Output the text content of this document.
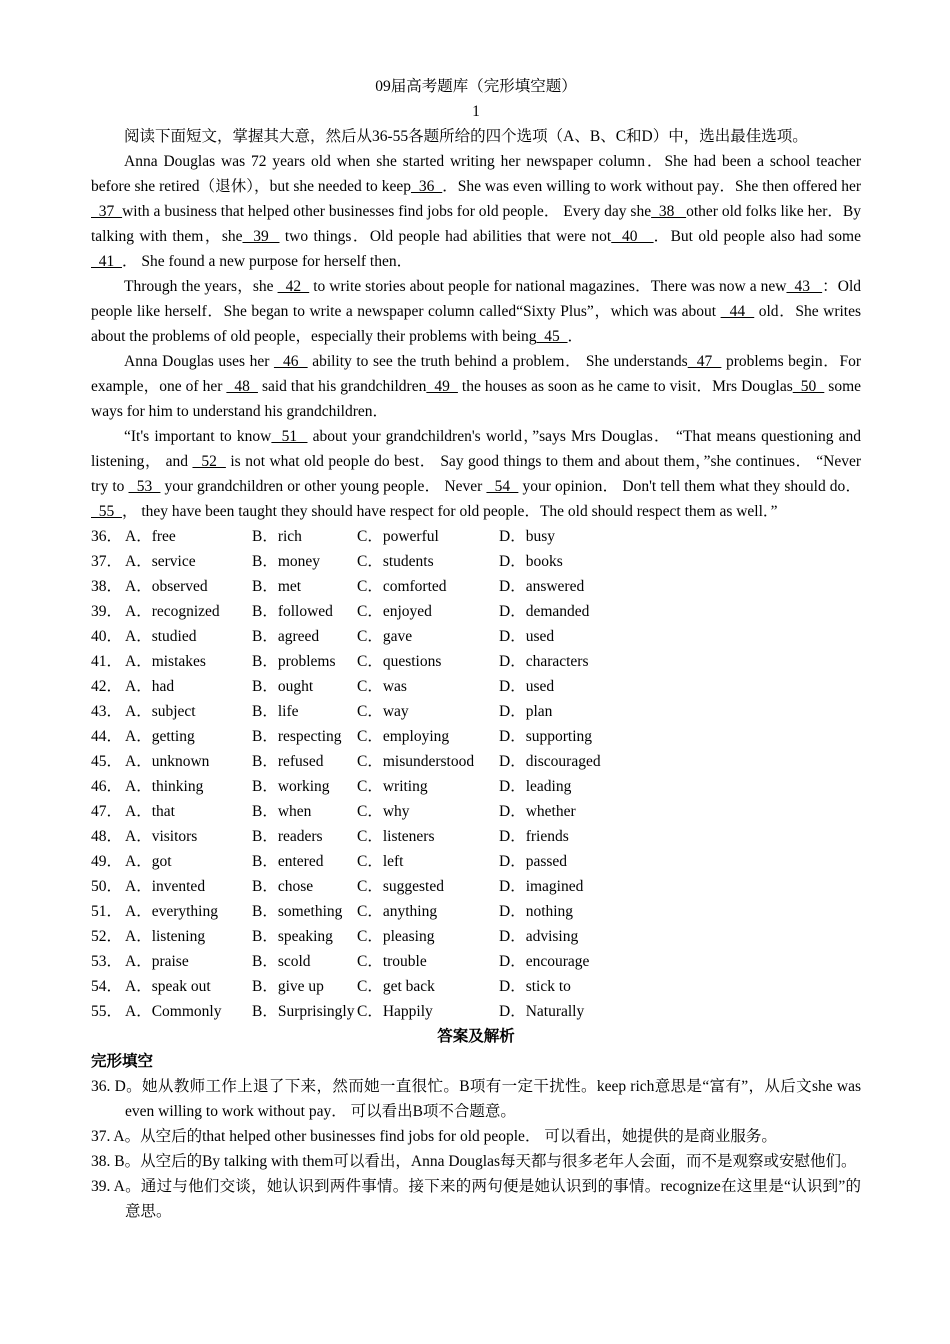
09届高考题库（完形填空题）
1

阅读下面短文，掌握其大意，然后从36-55各题所给的四个选项（A、B、C和D）中，选出最佳选项。

Anna Douglas was 72 years old when she started writing her newspaper column．She had been a school teacher before she retired（退休），but she needed to keep  36  ．She was even willing to work without pay．She then offered her  37  with a business that helped other businesses find jobs for old people． Every day she  38   other old folks like her．By talking with them，she  39   two things．Old people had abilities that were not  40   ．But old people also had some   41  ． She found a new purpose for herself then．

Through the years，she   42   to write stories about people for national magazines．There was now a new  43   ：Old people like herself．She began to write a newspaper column called“Sixty Plus”，which was about   44   old．She writes about the problems of old people，especially their problems with being  45  ．

Anna Douglas uses her   46   ability to see the truth behind a problem． She understands  47   problems begin．For example，one of her   48   said that his grandchildren  49   the houses as soon as he came to visit．Mrs Douglas  50   some ways for him to understand his grandchildren．

“It's important to know  51   about your grandchildren's world，”says Mrs Douglas． “That means questioning and listening， and   52   is not what old people do best． Say good things to them and about them，”she continues． “Never try to   53   your grandchildren or other young people． Never   54   your opinion． Don't tell them what they should do．   55  ， they have been taught they should have respect for old people．The old should respect them as well．”

36． A．free	B．rich	C．powerful	D．busy
37． A．service	B．money	C．students	D．books
38． A．observed	B．met	C．comforted	D．answered
39． A．recognized	B．followed	C．enjoyed	D．demanded
40． A．studied	B．agreed	C．gave	D．used
41． A．mistakes	B．problems	C．questions	D．characters
42． A．had	B．ought	C．was	D．used
43． A．subject	B．life	C．way	D．plan
44． A．getting	B．respecting C．employing	D．supporting
45． A．unknown	B．refused	C．misunderstood	D．discouraged
46． A．thinking	B．working	C．writing	D．leading
47． A．that	B．when	C．why	D．whether
48． A．visitors	B．readers	C．listeners	D．friends
49． A．got	B．entered	C．left	D．passed
50． A．invented	B．chose	C．suggested	D．imagined
51． A．everything	B．something C．anything	D．nothing
52． A．listening	B．speaking	C．pleasing	D．advising
53． A．praise	B．scold	C．trouble	D．encourage
54． A．speak out	B．give up	C．get back	D．stick to
55． A．Commonly	B．Surprisingly C．Happily	D．Naturally
答案及解析
完形填空

36. D。她从教师工作上退了下来，然而她一直很忙。B项有一定干扰性。keep rich意思是“富有”，从后文she was even willing to work without pay． 可以看出B项不合题意。

37. A。从空后的that helped other businesses find jobs for old people． 可以看出，她提供的是商业服务。

38. B。从空后的By talking with them可以看出，Anna Douglas每天都与很多老年人会面，而不是观察或安慰他们。

39. A。通过与他们交谈，她认识到两件事情。接下来的两句便是她认识到的事情。recognize在这里是“认识到”的意思。
